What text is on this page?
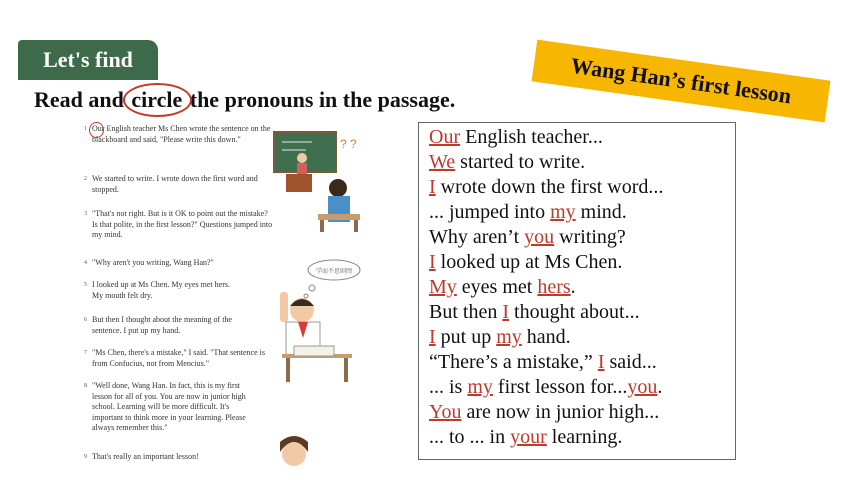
Let's find	Wang Han’s first lesson
Read and circle the pronouns in the passage.
1 Our English teacher Ms Chen wrote the sentence on the blackboard and said, "Please write this down."
2 We started to write. I wrote down the first word and stopped.
3 "That's not right. But is it OK to point out the mistake? Is that polite, in the first lesson?" Questions jumped into my mind.
4 "Why aren't you writing, Wang Han?"
5 I looked up at Ms Chen. My eyes met hers. My mouth felt dry.
6 But then I thought about the meaning of the sentence. I put up my hand.
7 "Ms Chen, there's a mistake," I said. "That sentence is from Confucius, not from Mencius."
8 "Well done, Wang Han. In fact, this is my first lesson for all of you. You are now in junior high school. Learning will be more difficult. It's important to think more in your learning. Please always remember this."
9 That's really an important lesson!
? ?
学而不思则罔
Our English teacher...
We started to write.
I wrote down the first word...
... jumped into my mind.
Why aren’t you writing?
I looked up at Ms Chen.
My eyes met hers.
But then I thought about...
I put up my hand.
“There’s a mistake,” I said...
... is my first lesson for...you.
You are now in junior high...
... to ... in your learning.
